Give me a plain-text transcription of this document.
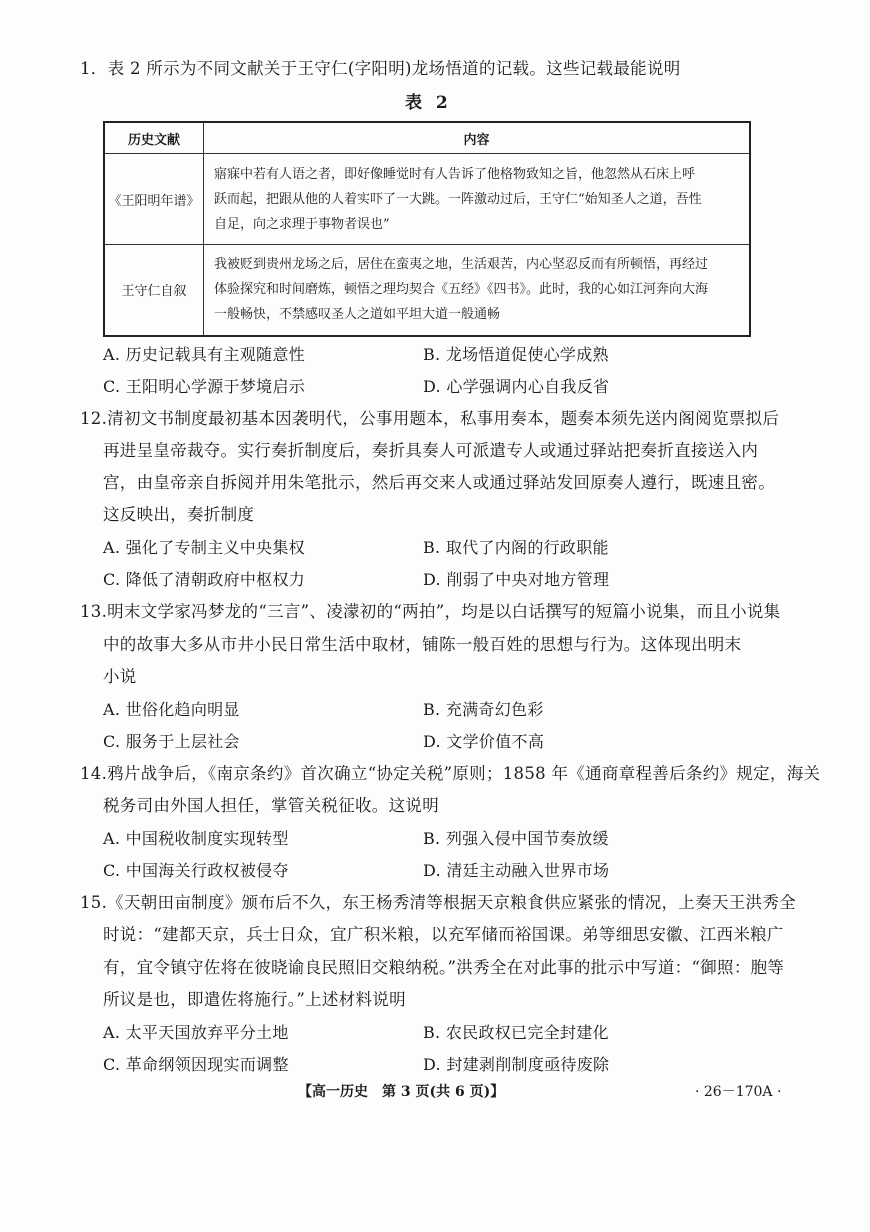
1．表 2 所示为不同文献关于王守仁(字阳明)龙场悟道的记载。这些记载最能说明
表 2
历史文献	内容
《王阳明年谱》	寤寐中若有人语之者，即好像睡觉时有人告诉了他格物致知之旨，他忽然从石床上呼
跃而起，把跟从他的人着实吓了一大跳。一阵激动过后，王守仁“始知圣人之道，吾性
自足，向之求理于事物者误也”

王守仁自叙	我被贬到贵州龙场之后，居住在蛮夷之地，生活艰苦，内心坚忍反而有所顿悟，再经过
体验探究和时间磨炼，顿悟之理均契合《五经》《四书》。此时，我的心如江河奔向大海
一般畅快，不禁感叹圣人之道如平坦大道一般通畅
A. 历史记载具有主观随意性	B. 龙场悟道促使心学成熟
C. 王阳明心学源于梦境启示	D. 心学强调内心自我反省
12.清初文书制度最初基本因袭明代，公事用题本，私事用奏本，题奏本须先送内阁阅览票拟后
再进呈皇帝裁夺。实行奏折制度后，奏折具奏人可派遣专人或通过驿站把奏折直接送入内
宫，由皇帝亲自拆阅并用朱笔批示，然后再交来人或通过驿站发回原奏人遵行，既速且密。
这反映出，奏折制度
A. 强化了专制主义中央集权	B. 取代了内阁的行政职能
C. 降低了清朝政府中枢权力	D. 削弱了中央对地方管理
13.明末文学家冯梦龙的“三言”、凌濛初的“两拍”，均是以白话撰写的短篇小说集，而且小说集
中的故事大多从市井小民日常生活中取材，铺陈一般百姓的思想与行为。这体现出明末
小说
A. 世俗化趋向明显	B. 充满奇幻色彩
C. 服务于上层社会	D. 文学价值不高
14.鸦片战争后，《南京条约》首次确立“协定关税”原则；1858 年《通商章程善后条约》规定，海关
税务司由外国人担任，掌管关税征收。这说明
A. 中国税收制度实现转型	B. 列强入侵中国节奏放缓
C. 中国海关行政权被侵夺	D. 清廷主动融入世界市场
15.《天朝田亩制度》颁布后不久，东王杨秀清等根据天京粮食供应紧张的情况，上奏天王洪秀全
时说：“建都天京，兵士日众，宜广积米粮，以充军储而裕国课。弟等细思安徽、江西米粮广
有，宜令镇守佐将在彼晓谕良民照旧交粮纳税。”洪秀全在对此事的批示中写道：“御照：胞等
所议是也，即遣佐将施行。”上述材料说明
A. 太平天国放弃平分土地	B. 农民政权已完全封建化
C. 革命纲领因现实而调整	D. 封建剥削制度亟待废除
【高一历史　第 3 页(共 6 页)】	· 26－170A ·
